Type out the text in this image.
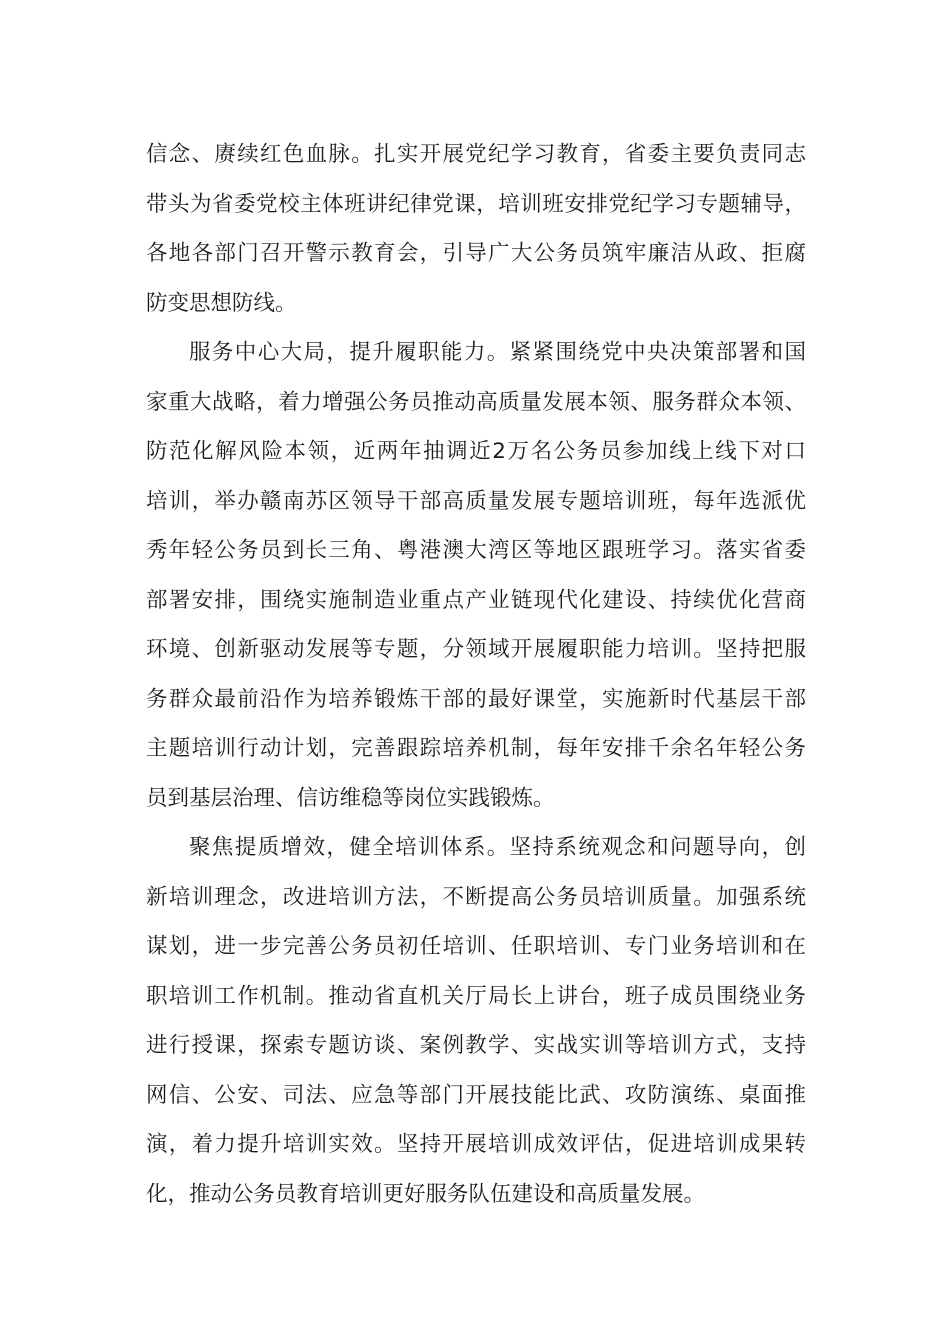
信念、赓续红色血脉。扎实开展党纪学习教育，省委主要负责同志
带头为省委党校主体班讲纪律党课，培训班安排党纪学习专题辅导，
各地各部门召开警示教育会，引导广大公务员筑牢廉洁从政、拒腐
防变思想防线。

服务中心大局，提升履职能力。紧紧围绕党中央决策部署和国
家重大战略，着力增强公务员推动高质量发展本领、服务群众本领、
防范化解风险本领，近两年抽调近2万名公务员参加线上线下对口
培训，举办赣南苏区领导干部高质量发展专题培训班，每年选派优
秀年轻公务员到长三角、粤港澳大湾区等地区跟班学习。落实省委
部署安排，围绕实施制造业重点产业链现代化建设、持续优化营商
环境、创新驱动发展等专题，分领域开展履职能力培训。坚持把服
务群众最前沿作为培养锻炼干部的最好课堂，实施新时代基层干部
主题培训行动计划，完善跟踪培养机制，每年安排千余名年轻公务
员到基层治理、信访维稳等岗位实践锻炼。

聚焦提质增效，健全培训体系。坚持系统观念和问题导向，创
新培训理念，改进培训方法，不断提高公务员培训质量。加强系统
谋划，进一步完善公务员初任培训、任职培训、专门业务培训和在
职培训工作机制。推动省直机关厅局长上讲台，班子成员围绕业务
进行授课，探索专题访谈、案例教学、实战实训等培训方式，支持
网信、公安、司法、应急等部门开展技能比武、攻防演练、桌面推
演，着力提升培训实效。坚持开展培训成效评估，促进培训成果转
化，推动公务员教育培训更好服务队伍建设和高质量发展。
